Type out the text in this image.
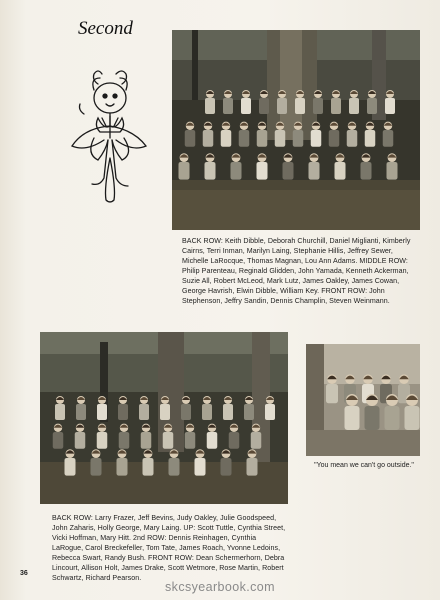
Second
BACK ROW: Keith Dibble, Deborah Churchill, Daniel Miglianti, Kimberly Cairns, Terri Inman, Marilyn Laing, Stephanie Hillis, Jeffrey Sewer, Michelle LaRocque, Thomas Magnan, Lou Ann Adams. MIDDLE ROW: Philip Parenteau, Reginald Glidden, John Yamada, Kenneth Ackerman, Suzie All, Robert McLeod, Mark Lutz, James Oakley, James Cowan, George Havrish, Elwin Dibble, William Key. FRONT ROW: John Stephenson, Jeffry Sandin, Dennis Champlin, Steven Weinmann.
BACK ROW: Larry Frazer, Jeff Bevins, Judy Oakley, Julie Goodspeed, John Zaharis, Holly George, Mary Laing. UP: Scott Tuttle, Cynthia Street, Vicki Hoffman, Mary Hitt. 2nd ROW: Dennis Reinhagen, Cynthia LaRogue, Carol Breckefeller, Tom Tate, James Roach, Yvonne Ledoins, Rebecca Swart, Randy Bush. FRONT ROW: Dean Schermerhorn, Debra Lincourt, Allison Holt, James Drake, Scott Wetmore, Rose Martin, Robert Schwartz, Richard Pearson.
"You mean we can't go outside."
36
skcsyearbook.com
